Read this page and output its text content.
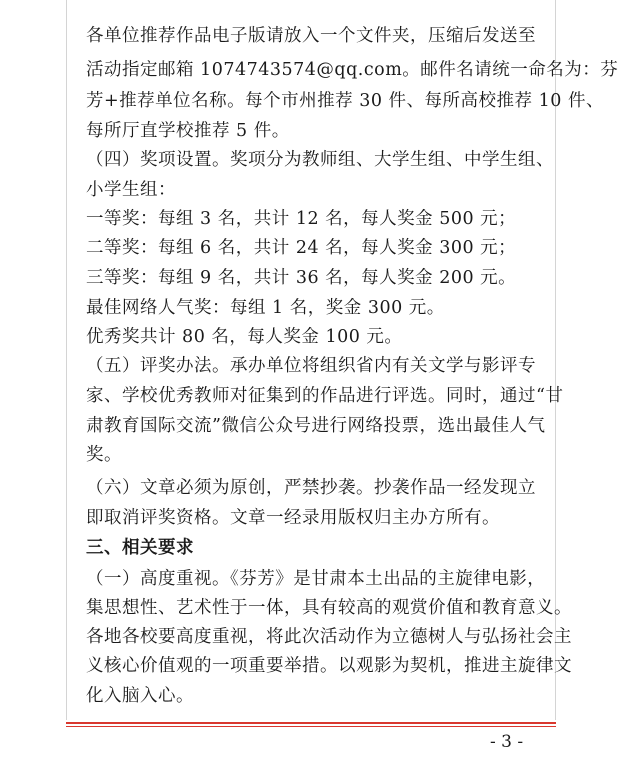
各单位推荐作品电子版请放入一个文件夹，压缩后发送至
活动指定邮箱 1074743574@qq.com。邮件名请统一命名为：芬
芳+推荐单位名称。每个市州推荐 30 件、每所高校推荐 10 件、
每所厅直学校推荐 5 件。
（四）奖项设置。奖项分为教师组、大学生组、中学生组、
小学生组：
一等奖：每组 3 名，共计 12 名，每人奖金 500 元；
二等奖：每组 6 名，共计 24 名，每人奖金 300 元；
三等奖：每组 9 名，共计 36 名，每人奖金 200 元。
最佳网络人气奖：每组 1 名，奖金 300 元。
优秀奖共计 80 名，每人奖金 100 元。
（五）评奖办法。承办单位将组织省内有关文学与影评专
家、学校优秀教师对征集到的作品进行评选。同时，通过“甘
肃教育国际交流”微信公众号进行网络投票，选出最佳人气
奖。
（六）文章必须为原创，严禁抄袭。抄袭作品一经发现立
即取消评奖资格。文章一经录用版权归主办方所有。
三、相关要求
（一）高度重视。《芬芳》是甘肃本土出品的主旋律电影，
集思想性、艺术性于一体，具有较高的观赏价值和教育意义。
各地各校要高度重视，将此次活动作为立德树人与弘扬社会主
义核心价值观的一项重要举措。以观影为契机，推进主旋律文
化入脑入心。
- 3 -
